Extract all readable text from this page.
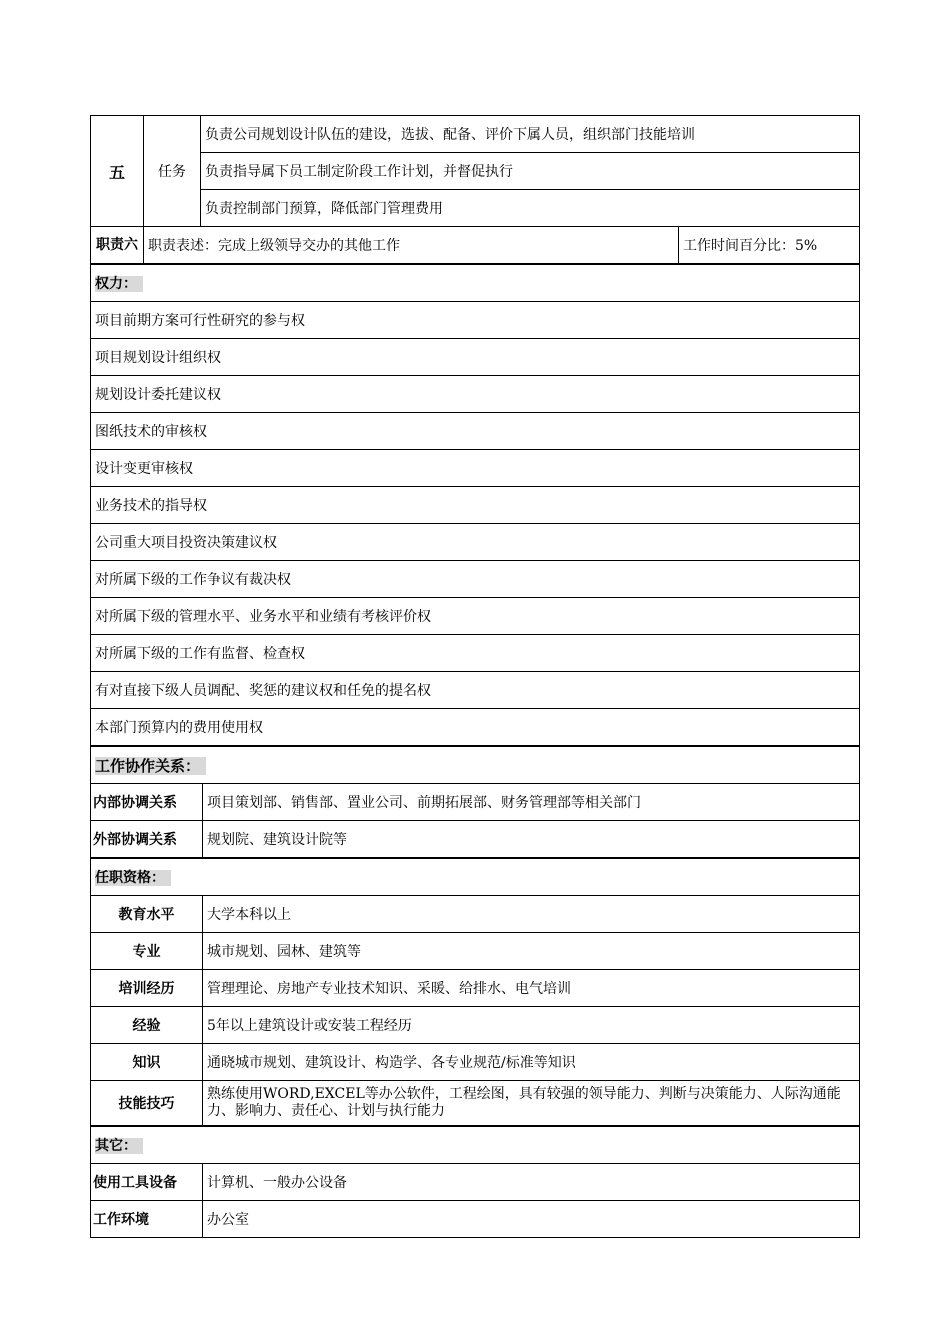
五	任务	负责公司规划设计队伍的建设，选拔、配备、评价下属人员，组织部门技能培训		
		负责指导属下员工制定阶段工作计划，并督促执行		
		负责控制部门预算，降低部门管理费用		
职责六	职责表述：完成上级领导交办的其他工作			工作时间百分比：5%
权力：				
项目前期方案可行性研究的参与权				
项目规划设计组织权				
规划设计委托建议权				
图纸技术的审核权				
设计变更审核权				
业务技术的指导权				
公司重大项目投资决策建议权				
对所属下级的工作争议有裁决权				
对所属下级的管理水平、业务水平和业绩有考核评价权				
对所属下级的工作有监督、检查权				
有对直接下级人员调配、奖惩的建议权和任免的提名权				
本部门预算内的费用使用权				
工作协作关系：				
内部协调关系			项目策划部、销售部、置业公司、前期拓展部、财务管理部等相关部门	
外部协调关系			规划院、建筑设计院等	
任职资格：				
教育水平			大学本科以上	
专业			城市规划、园林、建筑等	
培训经历			管理理论、房地产专业技术知识、采暖、给排水、电气培训	
经验			5年以上建筑设计或安装工程经历	
知识			通晓城市规划、建筑设计、构造学、各专业规范/标准等知识	
技能技巧			熟练使用WORD,EXCEL等办公软件，工程绘图，具有较强的领导能力、判断与决策能力、人际沟通能力、影响力、责任心、计划与执行能力	
其它：				
使用工具设备			计算机、一般办公设备	
工作环境			办公室	
